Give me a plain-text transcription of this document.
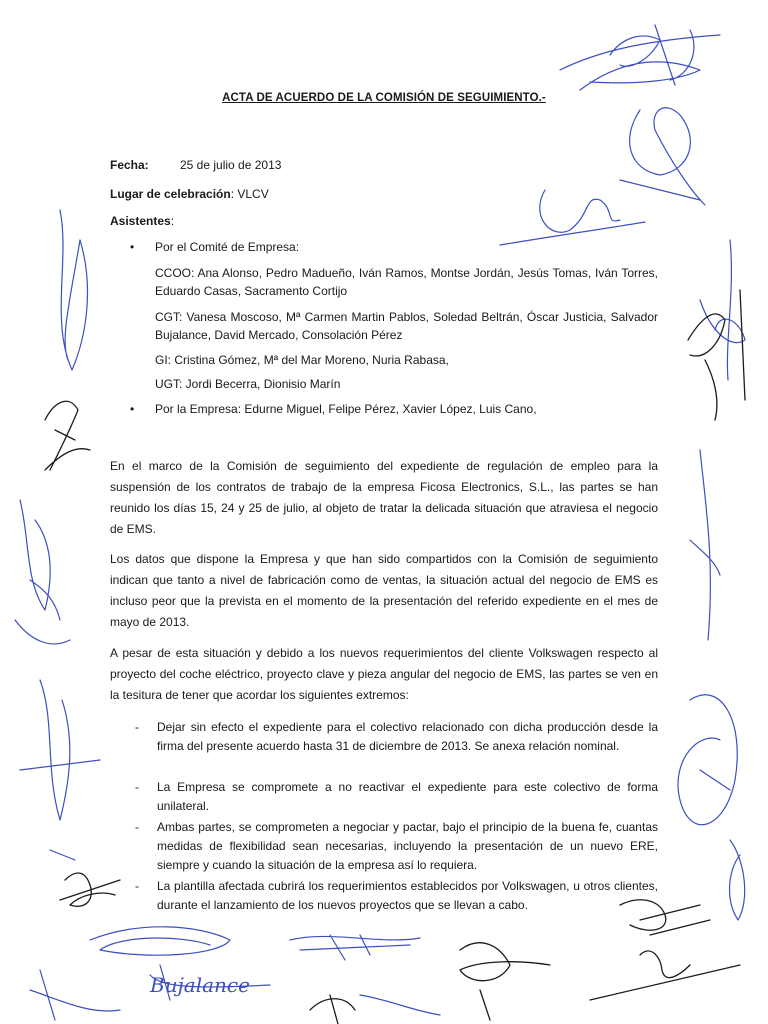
Bujalance
ACTA DE ACUERDO DE LA COMISIÓN DE SEGUIMIENTO.-
Fecha:	25 de julio de 2013
Lugar de celebración: VLCV
Asistentes:
• Por el Comité de Empresa:
CCOO: Ana Alonso, Pedro Madueño, Iván Ramos, Montse Jordán, Jesús Tomas, Iván Torres, Eduardo Casas, Sacramento Cortijo
CGT: Vanesa Moscoso, Mª Carmen Martin Pablos, Soledad Beltrán, Óscar Justicia, Salvador Bujalance, David Mercado, Consolación Pérez
GI: Cristina Gómez, Mª del Mar Moreno, Nuria Rabasa,
UGT: Jordi Becerra, Dionisio Marín
• Por la Empresa: Edurne Miguel, Felipe Pérez, Xavier López, Luis Cano,
En el marco de la Comisión de seguimiento del expediente de regulación de empleo para la suspensión de los contratos de trabajo de la empresa Ficosa Electronics, S.L., las partes se han reunido los días 15, 24 y 25 de julio, al objeto de tratar la delicada situación que atraviesa el negocio de EMS.
Los datos que dispone la Empresa y que han sido compartidos con la Comisión de seguimiento indican que tanto a nivel de fabricación como de ventas, la situación actual del negocio de EMS es incluso peor que la prevista en el momento de la presentación del referido expediente en el mes de mayo de 2013.
A pesar de esta situación y debido a los nuevos requerimientos del cliente Volkswagen respecto al proyecto del coche eléctrico, proyecto clave y pieza angular del negocio de EMS, las partes se ven en la tesitura de tener que acordar los siguientes extremos:
- Dejar sin efecto el expediente para el colectivo relacionado con dicha producción desde la firma del presente acuerdo hasta 31 de diciembre de 2013. Se anexa relación nominal.
- La Empresa se compromete a no reactivar el expediente para este colectivo de forma unilateral.
- Ambas partes, se comprometen a negociar y pactar, bajo el principio de la buena fe, cuantas medidas de flexibilidad sean necesarias, incluyendo la presentación de un nuevo ERE, siempre y cuando la situación de la empresa así lo requiera.
- La plantilla afectada cubrirá los requerimientos establecidos por Volkswagen, u otros clientes, durante el lanzamiento de los nuevos proyectos que se llevan a cabo.
